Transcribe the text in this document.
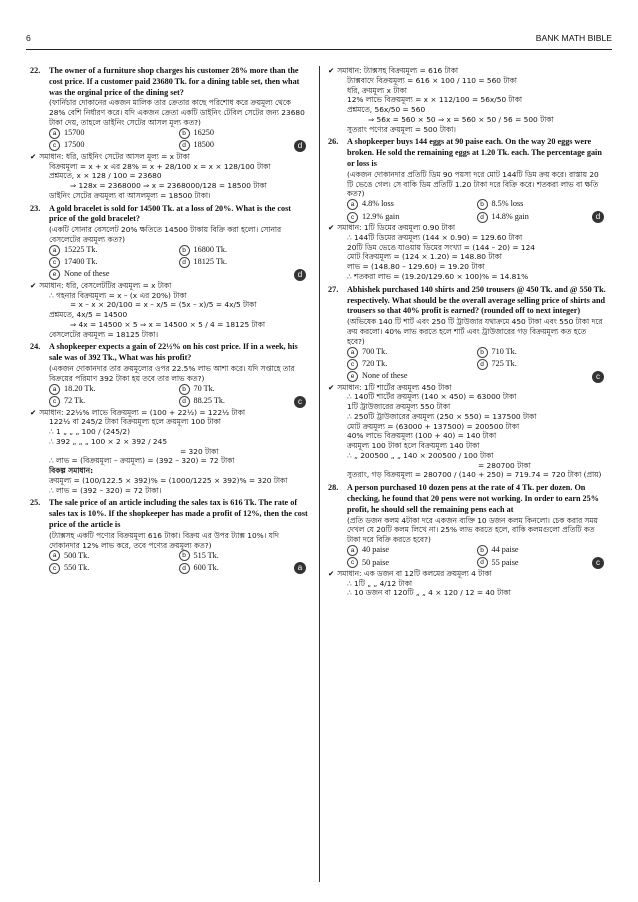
6	BANK MATH BIBLE
22.	The owner of a furniture shop charges his customer 28% more than the cost price. If a customer paid 23680 Tk. for a dining table set, then what was the orginal price of the dining set?
(ফার্নিচার দোকানের একজন মালিক তার ক্রেতার কাছে পরিশোধ করে ক্রয়মূল্য থেকে 28% বেশি নির্ধারণ করে। যদি একজন ক্রেতা একটি ডাইনিং টেবিল সেটের জন্য 23680 টাকা দেয়, তাহলে ডাইনিং সেটের আসল মূল্য কত?)
a 15700	b 16250
c 17500	d 18500	d
✔ সমাধান: ধরি, ডাইনিং সেটের আসল মূল্য = x টাকা
বিক্রয়মূল্য = x + x এর 28% = x + 28/100 x = x × 128/100 টাকা
প্রশ্নমতে, x × 128 / 100 = 23680
⇒ 128x = 2368000 ⇒ x = 2368000/128 = 18500 টাকা
ডাইনিং সেটের ক্রয়মূল্য বা আসলমূল্য = 18500 টাকা।
23.	A gold bracelet is sold for 14500 Tk. at a loss of 20%. What is the cost price of the gold bracelet?
(একটি সোনার বেসলেট 20% ক্ষতিতে 14500 টাকায় বিক্রি করা হলো। সোনার বেসলেটের ক্রয়মূল্য কত?)
a 15225 Tk.	b 16800 Tk.
c 17400 Tk.	d 18125 Tk.
e None of these	d
✔ সমাধান: ধরি, বেসলেটটির ক্রয়মূল্য = x টাকা
∴ গহনার বিক্রয়মূল্য = x – (x এর 20%) টাকা
= x – x × 20/100 = x – x/5 = (5x – x)/5 = 4x/5 টাকা
প্রশ্নমতে, 4x/5 = 14500
⇒ 4x = 14500 × 5 ⇒ x = 14500 × 5 / 4 = 18125 টাকা
বেসলেটের ক্রয়মূল্য = 18125 টাকা।
24.	A shopkeeper expects a gain of 22½% on his cost price. If in a week, his sale was of 392 Tk., What was his profit?
(একজন দোকানদার তার ক্রয়মূল্যের ওপর 22.5% লাভ আশা করে। যদি সপ্তাহে তার বিক্রয়ের পরিমাণ 392 টাকা হয় তবে তার লাভ কত?)
a 18.20 Tk.	b 70 Tk.
c 72 Tk.	d 88.25 Tk.	c
✔ সমাধান: 22½% লাভে বিক্রয়মূল্য = (100 + 22½) = 122½ টাকা
122½ বা 245/2 টাকা বিক্রয়মূল্য হলে ক্রয়মূল্য 100 টাকা
∴ 1 „ „ „ 100 / (245/2)
∴ 392 „ „ „ 100 × 2 × 392 / 245
= 320 টাকা
∴ লাভ = (বিক্রয়মূল্য – ক্রয়মূল্য) = (392 – 320) = 72 টাকা
বিকল্প সমাধান:
ক্রয়মূল্য = (100/122.5 × 392)% = (1000/1225 × 392)% = 320 টাকা
∴ লাভ = (392 – 320) = 72 টাকা।
25.	The sale price of an article including the sales tax is 616 Tk. The rate of sales tax is 10%. If the shopkeeper has made a profit of 12%, then the cost price of the article is
(ট্যাক্সসহ একটি পণ্যের বিক্রয়মূল্য 616 টাকা। বিক্রয় এর উপর ট্যাক্স 10%। যদি দোকানদার 12% লাভ করে, তবে পণ্যের ক্রয়মূল্য কত?)
a 500 Tk.	b 515 Tk.
c 550 Tk.	d 600 Tk.	a
✔ সমাধান: ট্যাক্সসহ বিক্রয়মূল্য = 616 টাকা
ট্যাক্সবাদে বিক্রয়মূল্য = 616 × 100 / 110 = 560 টাকা
ধরি, ক্রয়মূল্য x টাকা
12% লাভে বিক্রয়মূল্য = x × 112/100 = 56x/50 টাকা
প্রশ্নমতে, 56x/50 = 560
⇒ 56x = 560 × 50 ⇒ x = 560 × 50 / 56 = 500 টাকা
সুতরাং পণ্যের ক্রয়মূল্য = 500 টাকা।
26.	A shopkeeper buys 144 eggs at 90 paise each. On the way 20 eggs were broken. He sold the remaining eggs at 1.20 Tk. each. The percentage gain or loss is
(একজন দোকানদার প্রতিটি ডিম 90 পয়সা দরে মোট 144টি ডিম ক্রয় করে। রাস্তায় 20 টি ভেঙে গেল। সে বাকি ডিম প্রতিটি 1.20 টাকা দরে বিক্রি করে। শতকরা লাভ বা ক্ষতি কত?)
a 4.8% loss	b 8.5% loss
c 12.9% gain	d 14.8% gain	d
✔ সমাধান: 1টি ডিমের ক্রয়মূল্য 0.90 টাকা
∴ 144টি ডিমের ক্রয়মূল্য (144 × 0.90) = 129.60 টাকা
20টি ডিম ভেঙে যাওয়ায় ডিমের সংখ্যা = (144 – 20) = 124
মোট বিক্রয়মূল্য = (124 × 1.20) = 148.80 টাকা
লাভ = (148.80 – 129.60) = 19.20 টাকা
∴ শতকরা লাভ = (19.20/129.60 × 100)% = 14.81%
27.	Abhishek purchased 140 shirts and 250 trousers @ 450 Tk. and @ 550 Tk. respectively. What should be the overall average selling price of shirts and trousers so that 40% profit is earned? (rounded off to next integer)
(অভিষেক 140 টি শার্ট এবং 250 টি ট্রাউজার যথাক্রমে 450 টাকা এবং 550 টাকা দরে ক্রয় করলো। 40% লাভ করতে হলে শার্ট এবং ট্রাউজারের গড় বিক্রয়মূল্য কত হতে হবে?)
a 700 Tk.	b 710 Tk.
c 720 Tk.	d 725 Tk.
e None of these	c
✔ সমাধান: 1টি শার্টের ক্রয়মূল্য 450 টাকা
∴ 140টি শার্টের ক্রয়মূল্য (140 × 450) = 63000 টাকা
1টি ট্রাউজারের ক্রয়মূল্য 550 টাকা
∴ 250টি ট্রাউজারের ক্রয়মূল্য (250 × 550) = 137500 টাকা
মোট ক্রয়মূল্য = (63000 + 137500) = 200500 টাকা
40% লাভে বিক্রয়মূল্য (100 + 40) = 140 টাকা
ক্রয়মূল্য 100 টাকা হলে বিক্রয়মূল্য 140 টাকা
∴ „ 200500 „ „ 140 × 200500 / 100 টাকা
= 280700 টাকা
সুতরাং, গড় বিক্রয়মূল্য = 280700 / (140 + 250) = 719.74 = 720 টাকা (প্রায়)
28.	A person purchased 10 dozen pens at the rate of 4 Tk. per dozen. On checking, he found that 20 pens were not working. In order to earn 25% profit, he should sell the remaining pens each at
(প্রতি ডজন কলম 4টাকা দরে একজন ব্যক্তি 10 ডজন কলম কিনলো। চেক করার সময় দেখল যে 20টি কলম লিখে না। 25% লাভ করতে হলে, বাকি কলমগুলো প্রতিটি কত টাকা দরে বিক্রি করতে হবে?)
a 40 paise	b 44 paise
c 50 paise	d 55 paise	c
✔ সমাধান: এক ডজন বা 12টি কলমের ক্রয়মূল্য 4 টাকা
∴ 1টি „ „ 4/12 টাকা
∴ 10 ডজন বা 120টি „ „ 4 × 120 / 12 = 40 টাকা
